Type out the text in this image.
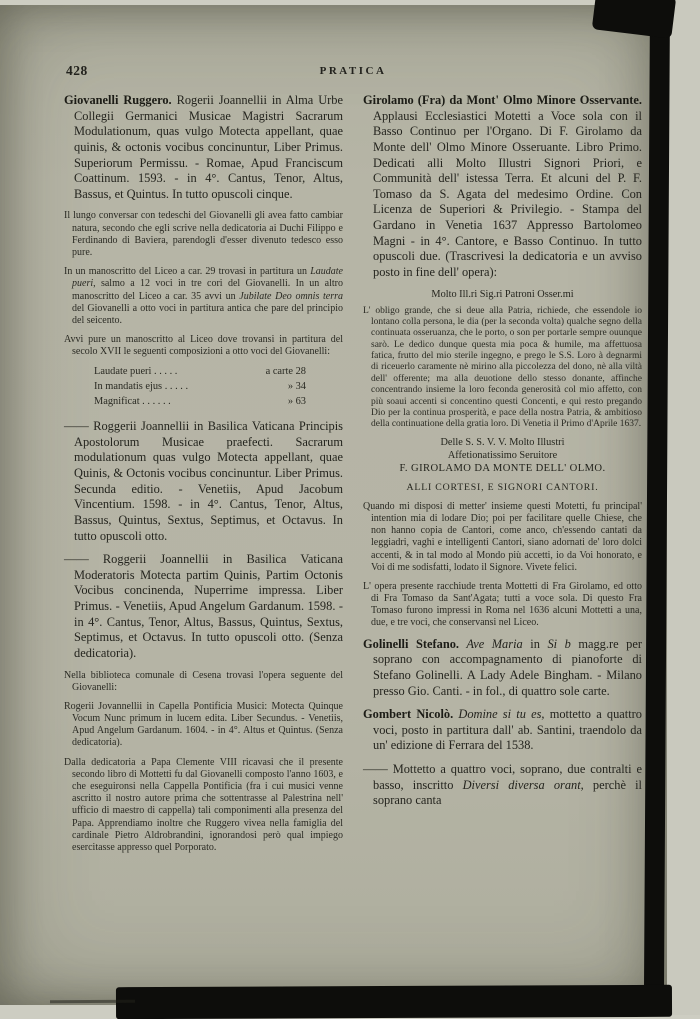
428	PRATICA

Giovanelli Ruggero. Rogerii Joannellii in Alma Urbe Collegii Germanici Musicae Magistri Sacrarum Modulationum, quas vulgo Motecta appellant, quae quinis, & octonis vocibus concinuntur, Liber Primus. Superiorum Permissu. - Romae, Apud Franciscum Coattinum. 1593. - in 4°. Cantus, Tenor, Altus, Bassus, et Quintus. In tutto opuscoli cinque.

Il lungo conversar con tedeschi del Giovanelli gli avea fatto cambiar natura, secondo che egli scrive nella dedicatoria ai Duchi Filippo e Ferdinando di Baviera, parendogli d'esser divenuto tedesco esso pure.

In un manoscritto del Liceo a car. 29 trovasi in partitura un Laudate pueri, salmo a 12 voci in tre cori del Giovanelli. In un altro manoscritto del Liceo a car. 35 avvi un Jubilate Deo omnis terra del Giovanelli a otto voci in partitura antica che pare del principio del seicento.

Avvi pure un manoscritto al Liceo dove trovansi in partitura del secolo XVII le seguenti composizioni a otto voci del Giovanelli:

Laudate pueri . . . . .	a carte 28
In mandatis ejus . . . . .	» 34
Magnificat . . . . . .	» 63

—— Roggerii Joannellii in Basilica Vaticana Principis Apostolorum Musicae praefecti. Sacrarum modulationum quas vulgo Motecta appellant, quae Quinis, & Octonis vocibus concinuntur. Liber Primus. Secunda editio. - Venetiis, Apud Jacobum Vincentium. 1598. - in 4°. Cantus, Tenor, Altus, Bassus, Quintus, Sextus, Septimus, et Octavus. In tutto opuscoli otto.

—— Roggerii Joannellii in Basilica Vaticana Moderatoris Motecta partim Quinis, Partim Octonis Vocibus concinenda, Nuperrime impressa. Liber Primus. - Venetiis, Apud Angelum Gardanum. 1598. - in 4°. Cantus, Tenor, Altus, Bassus, Quintus, Sextus, Septimus, et Octavus. In tutto opuscoli otto. (Senza dedicatoria).

Nella biblioteca comunale di Cesena trovasi l'opera seguente del Giovanelli:

Rogerii Jovannellii in Capella Pontificia Musici: Motecta Quinque Vocum Nunc primum in lucem edita. Liber Secundus. - Venetiis, Apud Angelum Gardanum. 1604. - in 4°. Altus et Quintus. (Senza dedicatoria).

Dalla dedicatoria a Papa Clemente VIII ricavasi che il presente secondo libro di Mottetti fu dal Giovanelli composto l'anno 1603, e che eseguironsi nella Cappella Pontificia (fra i cui musici venne ascritto il nostro autore prima che sottentrasse al Palestrina nell' ufficio di maestro di cappella) tali componimenti alla presenza del Papa. Apprendiamo inoltre che Ruggero vivea nella famiglia del cardinale Pietro Aldrobrandini, ignorandosi però qual impiego esercitasse appresso quel Porporato.

Girolamo (Fra) da Mont' Olmo Minore Osservante. Applausi Ecclesiastici Motetti a Voce sola con il Basso Continuo per l'Organo. Di F. Girolamo da Monte dell' Olmo Minore Osseruante. Libro Primo. Dedicati alli Molto Illustri Signori Priori, e Communità dell' istessa Terra. Et alcuni del P. F. Tomaso da S. Agata del medesimo Ordine. Con Licenza de Superiori & Privilegio. - Stampa del Gardano in Venetia 1637 Appresso Bartolomeo Magni - in 4°. Cantore, e Basso Continuo. In tutto opuscoli due. (Trascrivesi la dedicatoria e un avviso posto in fine dell' opera):

Molto Ill.ri Sig.ri Patroni Osser.mi

L' obligo grande, che si deue alla Patria, richiede, che essendole io lontano colla persona, le dia (per la seconda volta) qualche segno della continuata osseruanza, che le porto, o son per portarle sempre ouunque sarò. Le dedico dunque questa mia poca & humile, ma affettuosa fatica, frutto del mio sterile ingegno, e prego le S.S. Loro à degnarmi di riceuerlo caramente nè mirino alla piccolezza del dono, nè alla viltà dell' offerente; ma alla deuotione dello stesso donante, affinche concentrando insieme la loro feconda generosità col mio affetto, con più soaui accenti si concentino questi Concenti, e qui resto pregando Dio per la continua prosperità, e pace della nostra Patria, & ambitioso della continuatione della gratia loro. Di Venetia il Primo d'Aprile 1637.

Delle S. S. V. V. Molto Illustri

Affetionatissimo Seruitore

F. GIROLAMO DA MONTE DELL' OLMO.

ALLI CORTESI, E SIGNORI CANTORI.

Quando mi disposi di metter' insieme questi Motetti, fu principal' intention mia di lodare Dio; poi per facilitare quelle Chiese, che non hanno copia de Cantori, come anco, ch'essendo cantati da leggiadri, vaghi e intelligenti Cantori, siano adornati de' loro dolci accenti, & in tal modo al Mondo più accetti, io da Voi honorato, e Voi di me sodisfatti, lodato il Signore. Vivete felici.

L' opera presente racchiude trenta Mottetti di Fra Girolamo, ed otto di Fra Tomaso da Sant'Agata; tutti a voce sola. Di questo Fra Tomaso furono impressi in Roma nel 1636 alcuni Mottetti a una, due, e tre voci, che conservansi nel Liceo.

Golinelli Stefano. Ave Maria in Si b magg.re per soprano con accompagnamento di pianoforte di Stefano Golinelli. A Lady Adele Bingham. - Milano presso Gio. Canti. - in fol., di quattro sole carte.

Gombert Nicolò. Domine si tu es, mottetto a quattro voci, posto in partitura dall' ab. Santini, traendolo da un' edizione di Ferrara del 1538.

—— Mottetto a quattro voci, soprano, due contralti e basso, inscritto Diversi diversa orant, perchè il soprano canta
